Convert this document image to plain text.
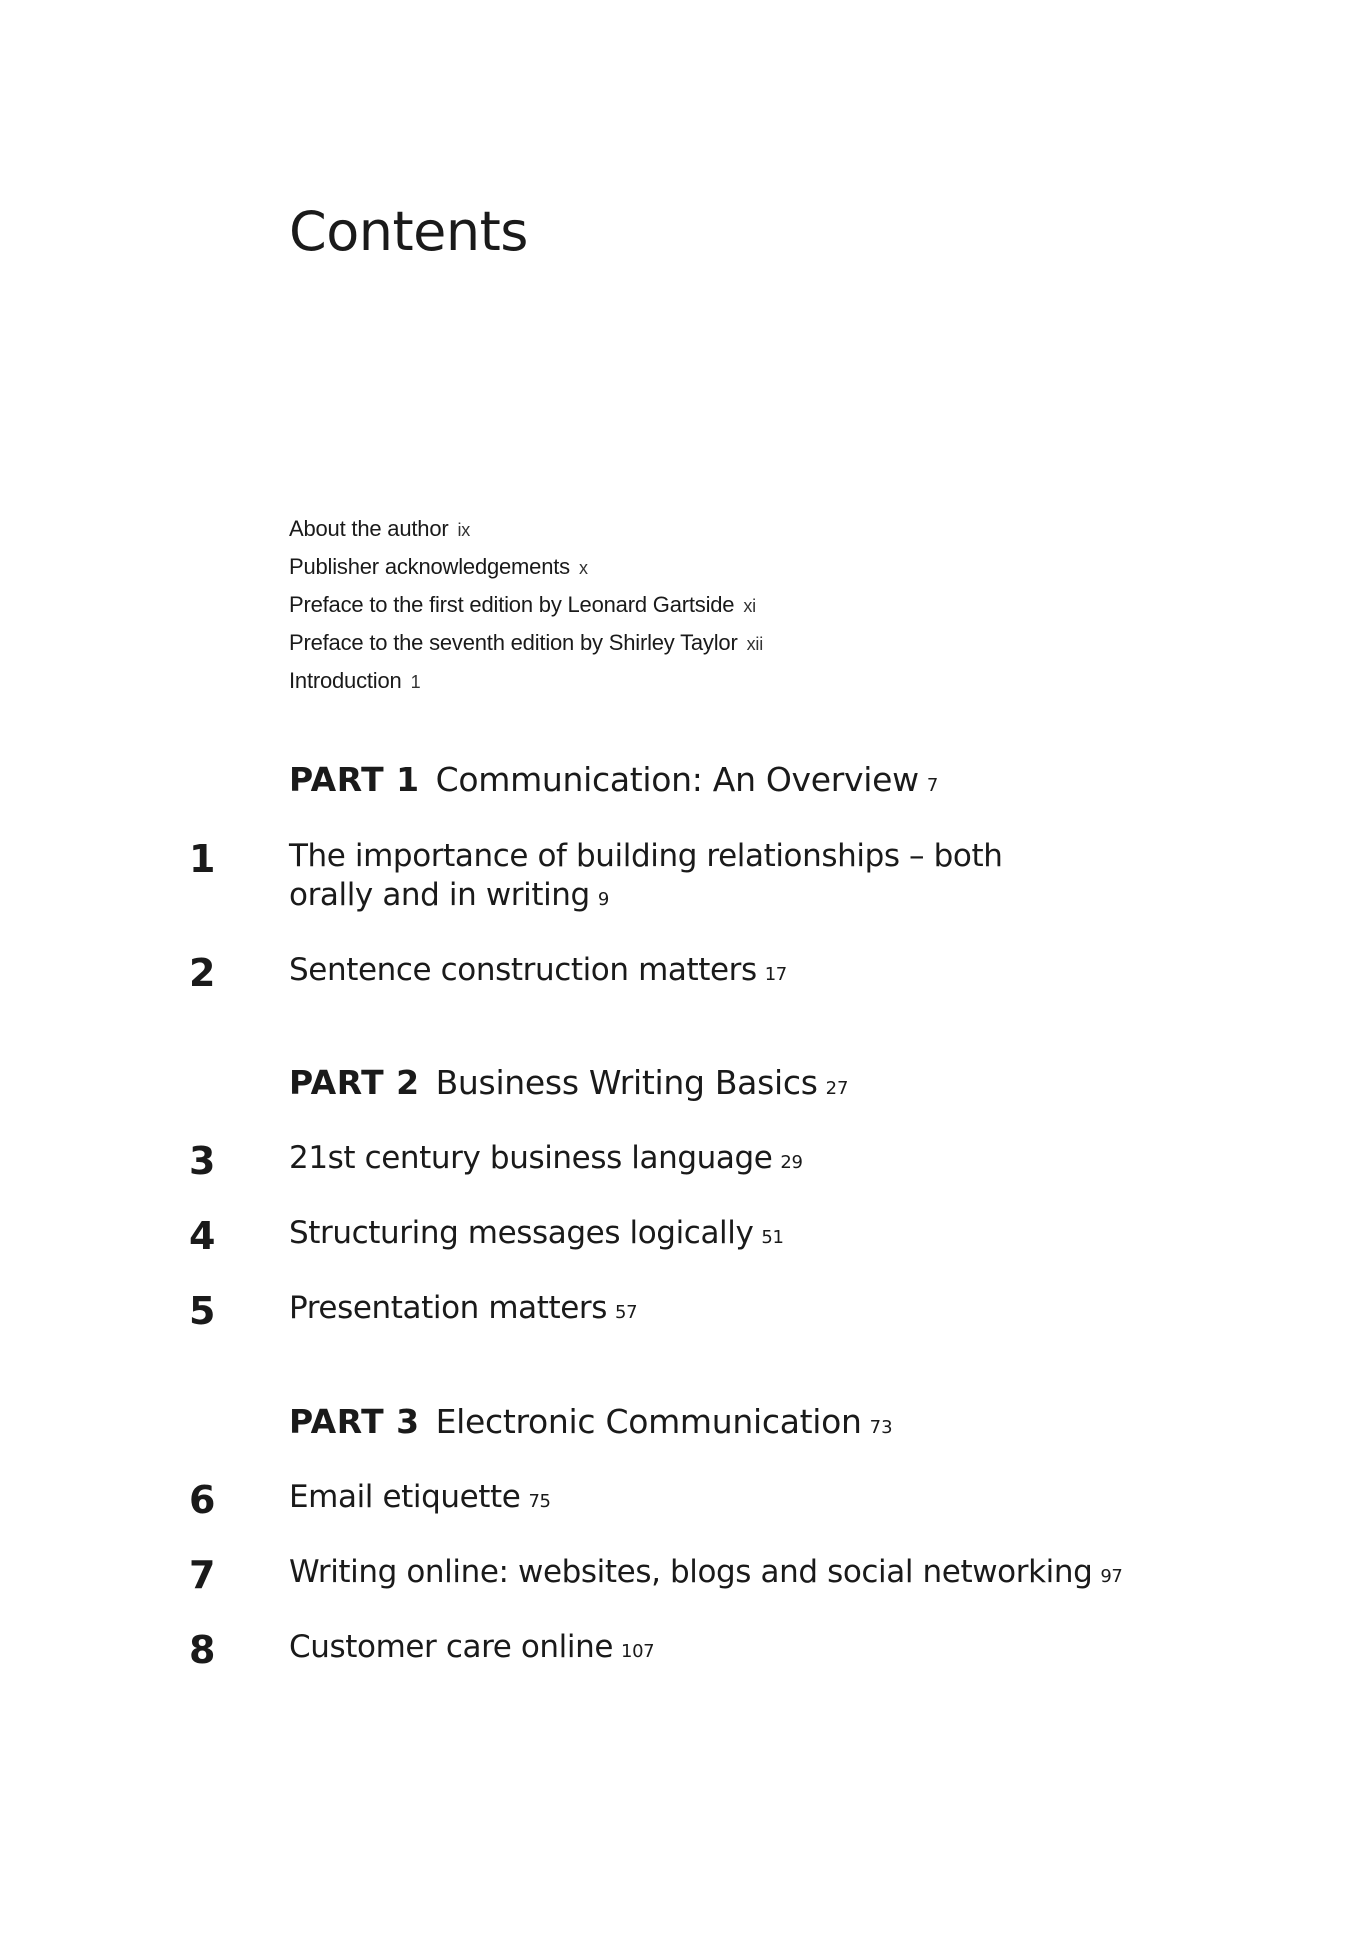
Contents
About the author ix
Publisher acknowledgements x
Preface to the first edition by Leonard Gartside xi
Preface to the seventh edition by Shirley Taylor xii
Introduction 1
PART 1 Communication: An Overview 7
1 The importance of building relationships – both orally and in writing 9
2 Sentence construction matters 17
PART 2 Business Writing Basics 27
3 21st century business language 29
4 Structuring messages logically 51
5 Presentation matters 57
PART 3 Electronic Communication 73
6 Email etiquette 75
7 Writing online: websites, blogs and social networking 97
8 Customer care online 107
